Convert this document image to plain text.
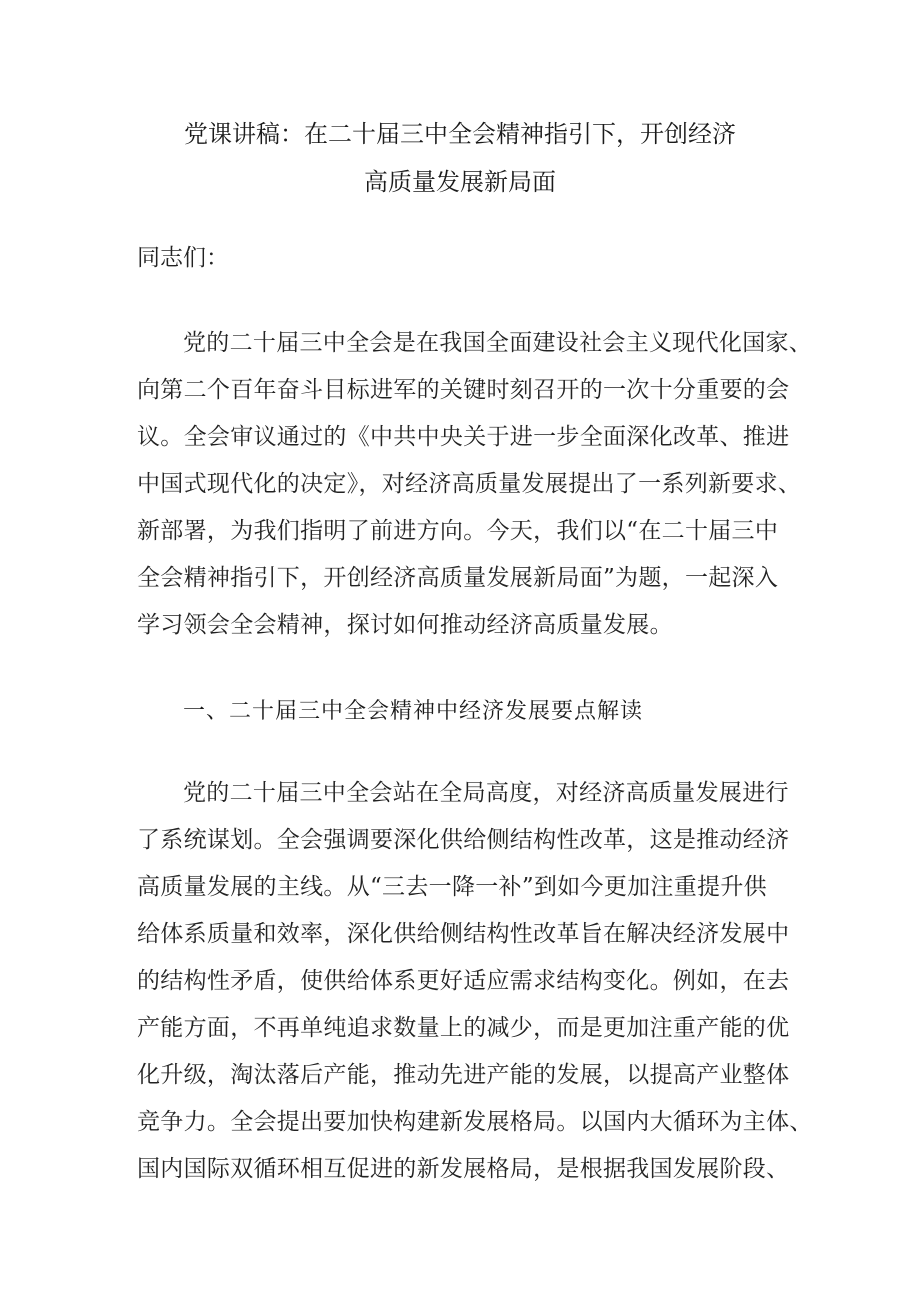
党课讲稿：在二十届三中全会精神指引下，开创经济
高质量发展新局面
同志们：
党的二十届三中全会是在我国全面建设社会主义现代化国家、
向第二个百年奋斗目标进军的关键时刻召开的一次十分重要的会
议。全会审议通过的《中共中央关于进一步全面深化改革、推进
中国式现代化的决定》，对经济高质量发展提出了一系列新要求、
新部署，为我们指明了前进方向。今天，我们以“在二十届三中
全会精神指引下，开创经济高质量发展新局面”为题，一起深入
学习领会全会精神，探讨如何推动经济高质量发展。
一、二十届三中全会精神中经济发展要点解读
党的二十届三中全会站在全局高度，对经济高质量发展进行
了系统谋划。全会强调要深化供给侧结构性改革，这是推动经济
高质量发展的主线。从“三去一降一补”到如今更加注重提升供
给体系质量和效率，深化供给侧结构性改革旨在解决经济发展中
的结构性矛盾，使供给体系更好适应需求结构变化。例如，在去
产能方面，不再单纯追求数量上的减少，而是更加注重产能的优
化升级，淘汰落后产能，推动先进产能的发展，以提高产业整体
竞争力。全会提出要加快构建新发展格局。以国内大循环为主体、
国内国际双循环相互促进的新发展格局，是根据我国发展阶段、
